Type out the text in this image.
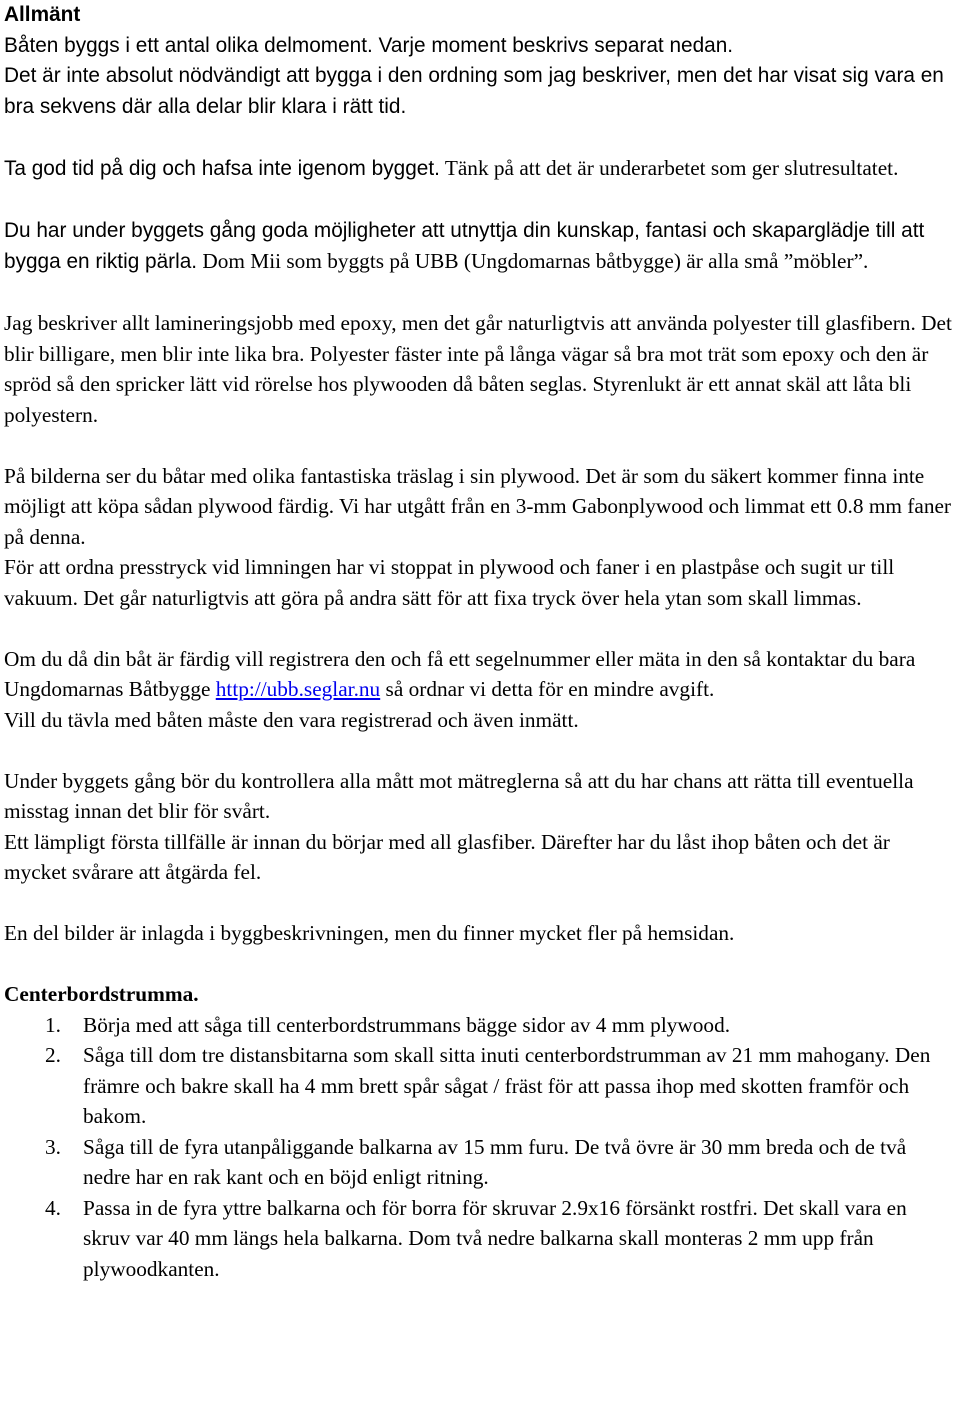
Allmänt
Båten byggs i ett antal olika delmoment. Varje moment beskrivs separat nedan.
Det är inte absolut nödvändigt att bygga i den ordning som jag beskriver, men det har visat sig vara en bra sekvens där alla delar blir klara i rätt tid.
Ta god tid på dig och hafsa inte igenom bygget. Tänk på att det är underarbetet som ger slutresultatet.
Du har under byggets gång goda möjligheter att utnyttja din kunskap, fantasi och skaparglädje till att bygga en riktig pärla. Dom Mii som byggts på UBB (Ungdomarnas båtbygge) är alla små ”möbler”.
Jag beskriver allt lamineringsjobb med epoxy, men det går naturligtvis att använda polyester till glasfibern. Det blir billigare, men blir inte lika bra. Polyester fäster inte på långa vägar så bra mot trät som epoxy och den är spröd så den spricker lätt vid rörelse hos plywooden då båten seglas. Styrenlukt är ett annat skäl att låta bli polyestern.
På bilderna ser du båtar med olika fantastiska träslag i sin plywood. Det är som du säkert kommer finna inte möjligt att köpa sådan plywood färdig. Vi har utgått från en 3-mm Gabonplywood och limmat ett 0.8 mm faner på denna.
För att ordna presstryck vid limningen har vi stoppat in plywood och faner i en plastpåse och sugit ur till vakuum. Det går naturligtvis att göra på andra sätt för att fixa tryck över hela ytan som skall limmas.
Om du då din båt är färdig vill registrera den och få ett segelnummer eller mäta in den så kontaktar du bara Ungdomarnas Båtbygge http://ubb.seglar.nu så ordnar vi detta för en mindre avgift.
Vill du tävla med båten måste den vara registrerad och även inmätt.
Under byggets gång bör du kontrollera alla mått mot mätreglerna så att du har chans att rätta till eventuella misstag innan det blir för svårt.
Ett lämpligt första tillfälle är innan du börjar med all glasfiber. Därefter har du låst ihop båten och det är mycket svårare att åtgärda fel.
En del bilder är inlagda i byggbeskrivningen, men du finner mycket fler på hemsidan.
Centerbordstrumma.
1. Börja med att såga till centerbordstrummans bägge sidor av 4 mm plywood.
2. Såga till dom tre distansbitarna som skall sitta inuti centerbordstrumman av 21 mm mahogany. Den främre och bakre skall ha 4 mm brett spår sågat / fräst för att passa ihop med skotten framför och bakom.
3. Såga till de fyra utanpåliggande balkarna av 15 mm furu. De två övre är 30 mm breda och de två nedre har en rak kant och en böjd enligt ritning.
4. Passa in de fyra yttre balkarna och för borra för skruvar 2.9x16 försänkt rostfri. Det skall vara en skruv var 40 mm längs hela balkarna. Dom två nedre balkarna skall monteras 2 mm upp från plywoodkanten.
